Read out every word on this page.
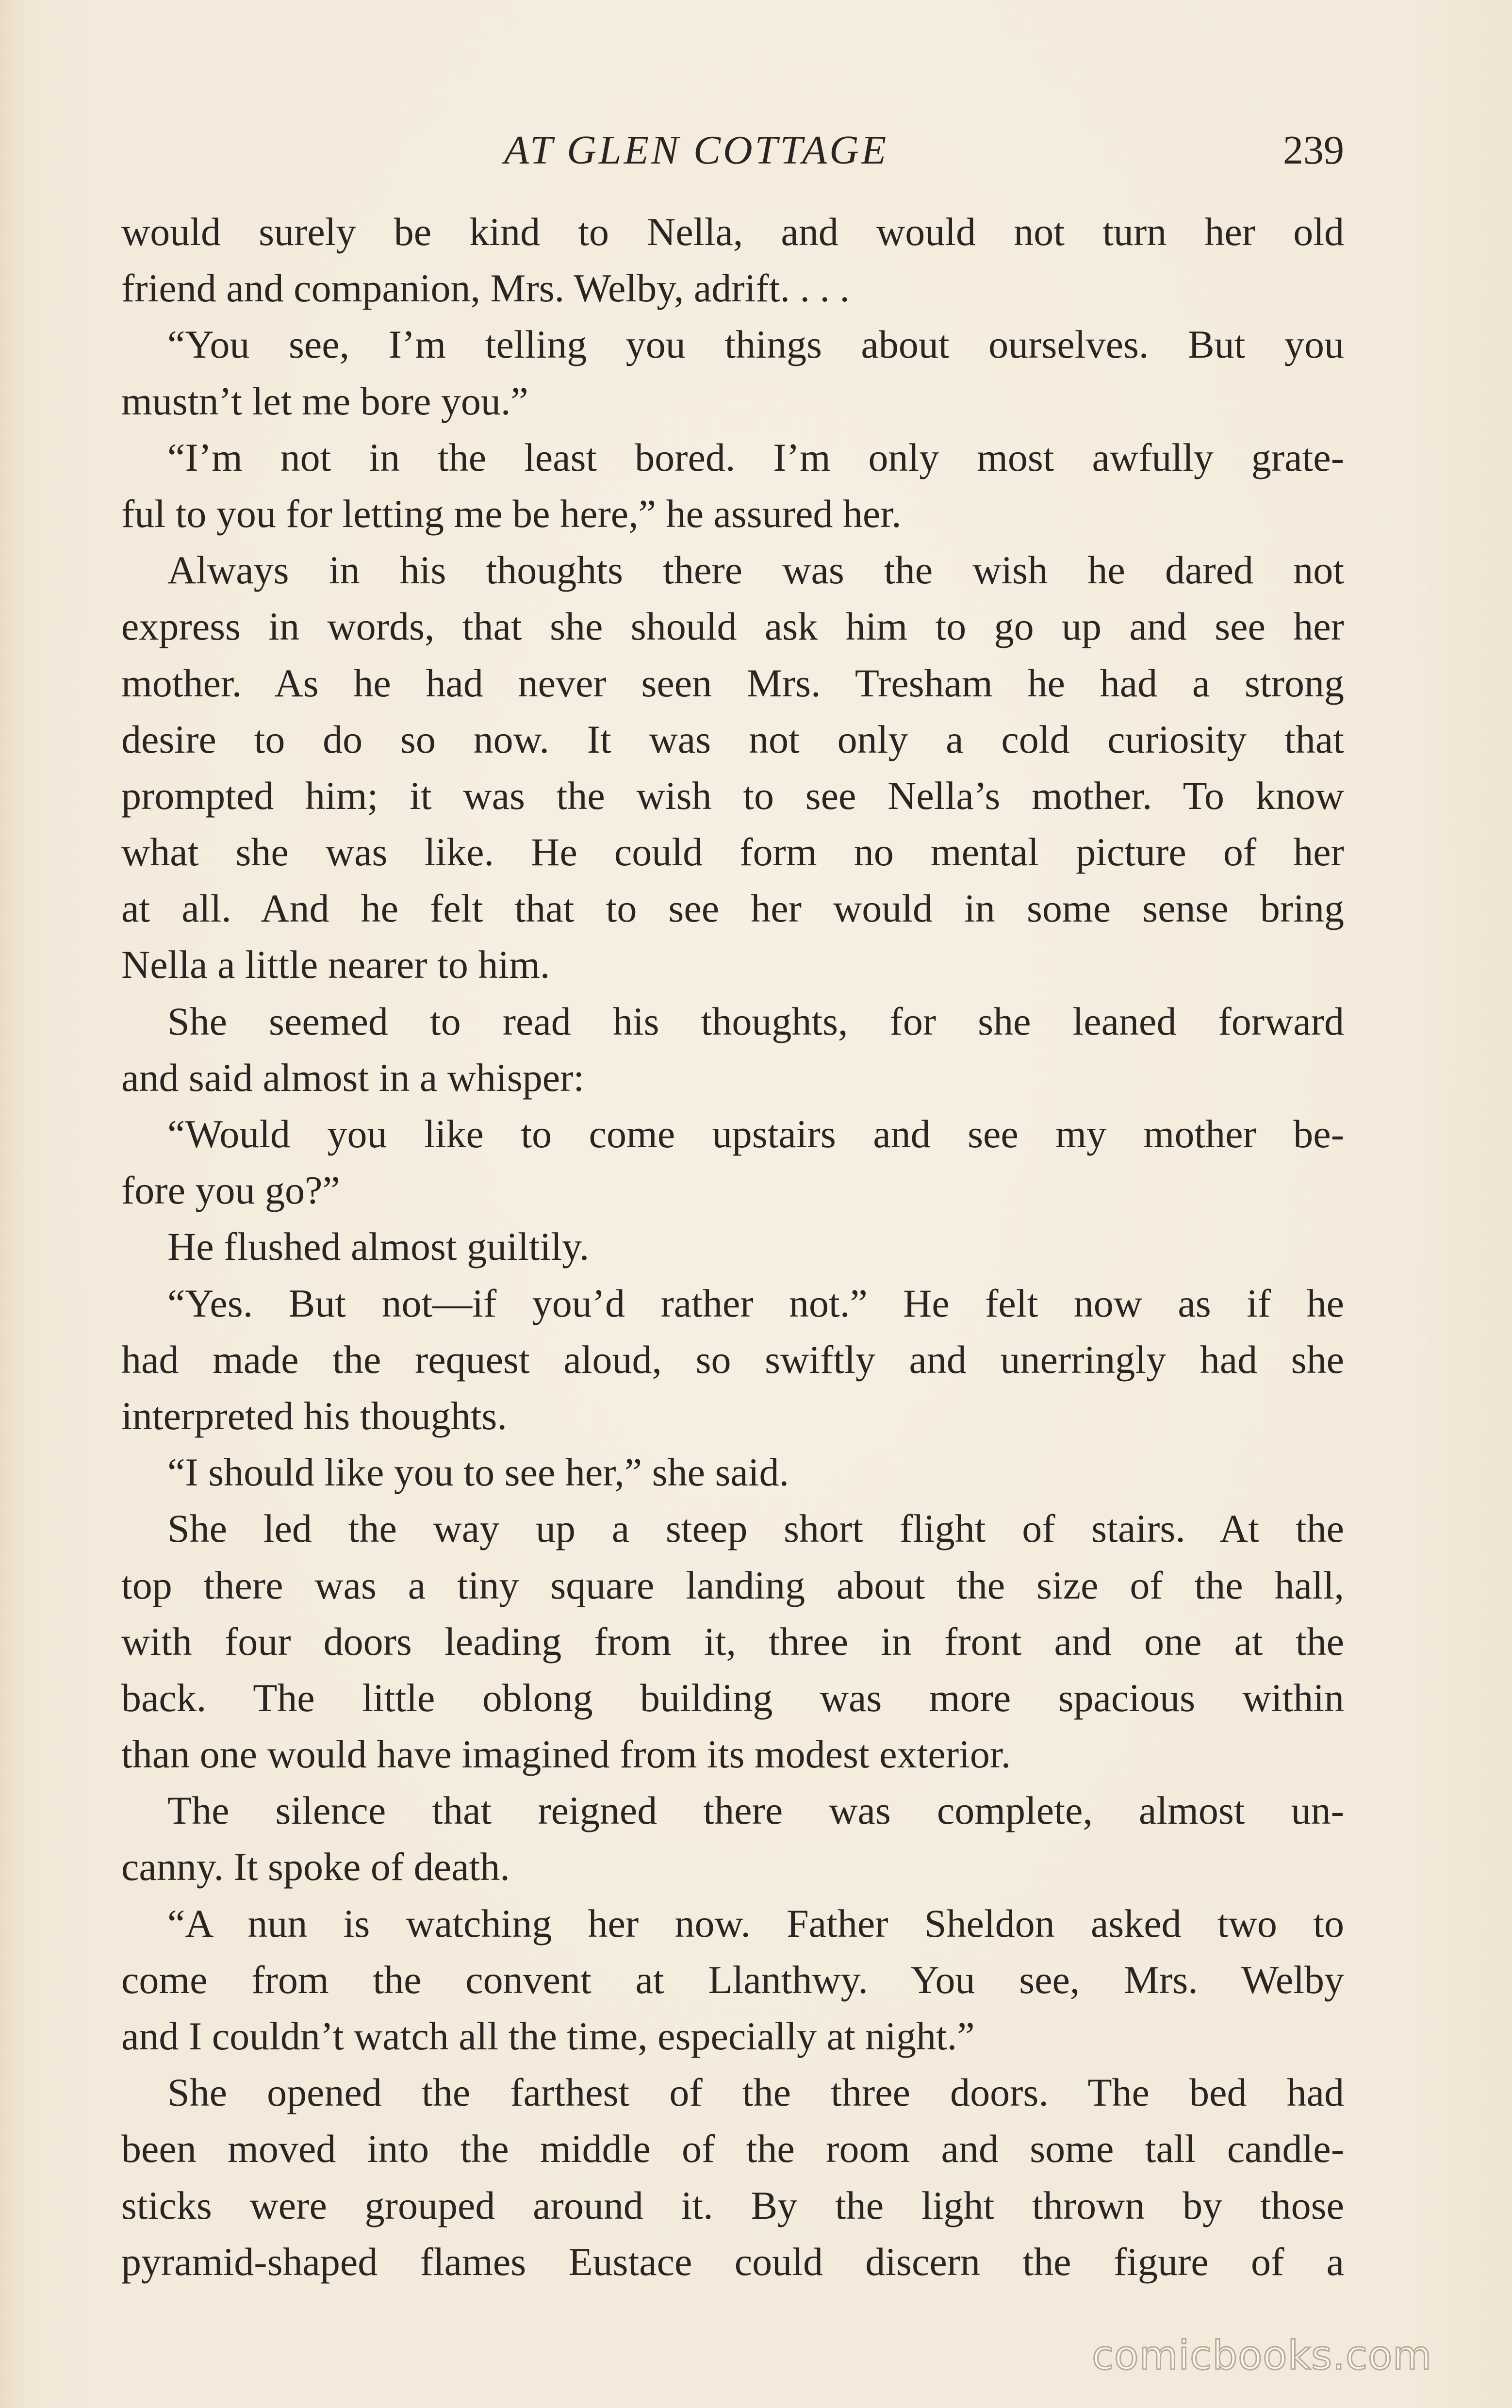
AT GLEN COTTAGE	239
would surely be kind to Nella, and would not turn her old
friend and companion, Mrs. Welby, adrift. . . .
“You see, I’m telling you things about ourselves. But you
mustn’t let me bore you.”
“I’m not in the least bored. I’m only most awfully grate-
ful to you for letting me be here,” he assured her.
Always in his thoughts there was the wish he dared not
express in words, that she should ask him to go up and see her
mother. As he had never seen Mrs. Tresham he had a strong
desire to do so now. It was not only a cold curiosity that
prompted him; it was the wish to see Nella’s mother. To know
what she was like. He could form no mental picture of her
at all. And he felt that to see her would in some sense bring
Nella a little nearer to him.
She seemed to read his thoughts, for she leaned forward
and said almost in a whisper:
“Would you like to come upstairs and see my mother be-
fore you go?”
He flushed almost guiltily.
“Yes. But not—if you’d rather not.” He felt now as if he
had made the request aloud, so swiftly and unerringly had she
interpreted his thoughts.
“I should like you to see her,” she said.
She led the way up a steep short flight of stairs. At the
top there was a tiny square landing about the size of the hall,
with four doors leading from it, three in front and one at the
back. The little oblong building was more spacious within
than one would have imagined from its modest exterior.
The silence that reigned there was complete, almost un-
canny. It spoke of death.
“A nun is watching her now. Father Sheldon asked two to
come from the convent at Llanthwy. You see, Mrs. Welby
and I couldn’t watch all the time, especially at night.”
She opened the farthest of the three doors. The bed had
been moved into the middle of the room and some tall candle-
sticks were grouped around it. By the light thrown by those
pyramid-shaped flames Eustace could discern the figure of a
comicbooks.com
